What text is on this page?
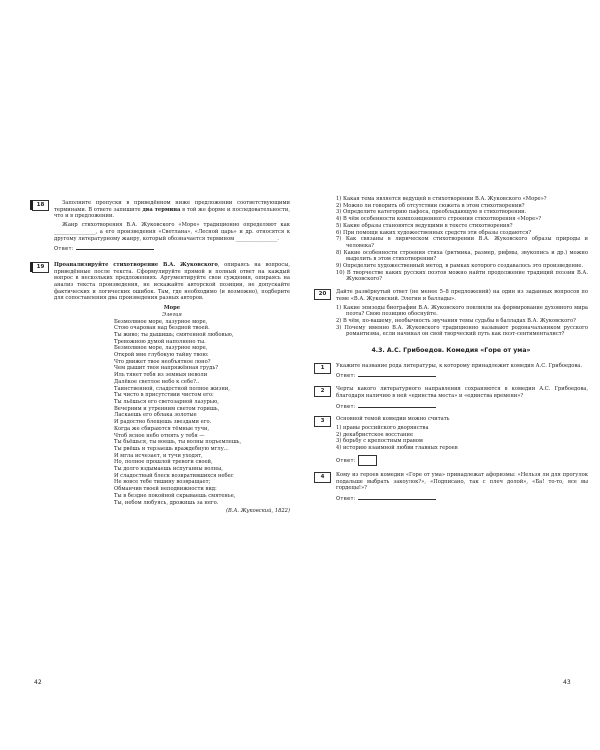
18	Заполните пропуски в приведённом ниже предложении соответствующими терминами. В ответе запишите два термина в той же форме и последовательности, что и в предложении.

Жанр стихотворения В.А. Жуковского «Море» традиционно определяют как ________________, а его произведения «Светлана», «Лесной царь» и др. относятся к другому литературному жанру, который обозначается термином ________________.

Ответ:
19	Проанализируйте стихотворение В.А. Жуковского, опираясь на вопросы, приведённые после текста. Сформулируйте прямой и полный ответ на каждый вопрос в нескольких предложениях. Аргументируйте свои суждения, опираясь на анализ текста произведения, не искажайте авторской позиции, не допускайте фактических и логических ошибок. Там, где необходимо (и возможно), подберите для сопоставления два произведения разных авторов.

Море
Элегия
Безмолвное море, лазурное море,
Стою очарован над бездной твоей.
Ты живо; ты дышишь; смятенной любовью,
Тревожною думой наполнено ты.
Безмолвное море, лазурное море,
Открой мне глубокую тайну твою:
Что движет твое необъятное лоно?
Чем дышит твоя напряжённая грудь?
Иль тянет тебя из земныя неволи
Далёкое светлое небо к себе?..
Таинственной, сладостной полное жизни,
Ты чисто в присутствии чистом его:
Ты льёшься его светозарной лазурью,
Вечерним и утренним светом горишь,
Ласкаешь его облака золотые
И радостно блещешь звездами его.
Когда же сбираются тёмные тучи,
Чтоб ясное небо отнять у тебя —
Ты бьёшься, ты воешь, ты волны подъемлешь,
Ты рвёшь и терзаешь враждебную мглу...
И мгла исчезает, и тучи уходят,
Но, полное прошлой тревоги своей,
Ты долго вздымаешь испуганны волны,
И сладостный блеск возвратившихся небес
Не вовсе тебе тишину возвращает;
Обманчив твоей неподвижности вид:
Ты в бездне покойной скрываешь смятенье,
Ты, небом любуясь, дрожишь за него.
(В.А. Жуковский, 1822)
42
1) Какая тема является ведущей в стихотворении В.А. Жуковского «Море»?
2) Можно ли говорить об отсутствии сюжета в этом стихотворении?
3) Определите категорию пафоса, преобладающую в стихотворении.
4) В чём особенности композиционного строения стихотворения «Море»?
5) Какие образы становятся ведущими в тексте стихотворения?
6) При помощи каких художественных средств эти образы создаются?
7) Как связаны в лирическом стихотворении В.А. Жуковского образы природы и человека?
8) Какие особенности строения стиха (ритмика, размер, рифмы, звукопись и др.) можно выделить в этом стихотворении?
9) Определите художественный метод, в рамках которого создавалось это произведение.
10) В творчестве каких русских поэтов можно найти продолжение традиций поэзии В.А. Жуковского?
20	Дайте развёрнутый ответ (не менее 5–8 предложений) на один из заданных вопросов по теме «В.А. Жуковский. Элегии и баллады».

1) Какие эпизоды биографии В.А. Жуковского повлияли на формирование духовного мира поэта? Свою позицию обоснуйте.
2) В чём, по-вашему, необычность звучания темы судьбы в балладах В.А. Жуковского?
3) Почему именно В.А. Жуковского традиционно называют родоначальником русского романтизма, если начинал он свой творческий путь как поэт-сентименталист?
4.3. А.С. Грибоедов. Комедия «Горе от ума»
1	Укажите название рода литературы, к которому принадлежит комедия А.С. Грибоедова.

Ответ:
2	Черты какого литературного направления сохраняются в комедии А.С. Грибоедова, благодаря наличию в ней «единства места» и «единства времени»?

Ответ:
3	Основной темой комедии можно считать

1) нравы российского дворянства
2) декабристское восстание
3) борьбу с крепостным правом
4) историю взаимной любви главных героев
Ответ:
4	Кому из героев комедии «Горе от ума» принадлежат афоризмы: «Нельзя ли для прогулок подальше выбрать закоулок?», «Подписано, так с плеч долой», «Ба! то-то, все вы гордецы!»?

Ответ:
43
